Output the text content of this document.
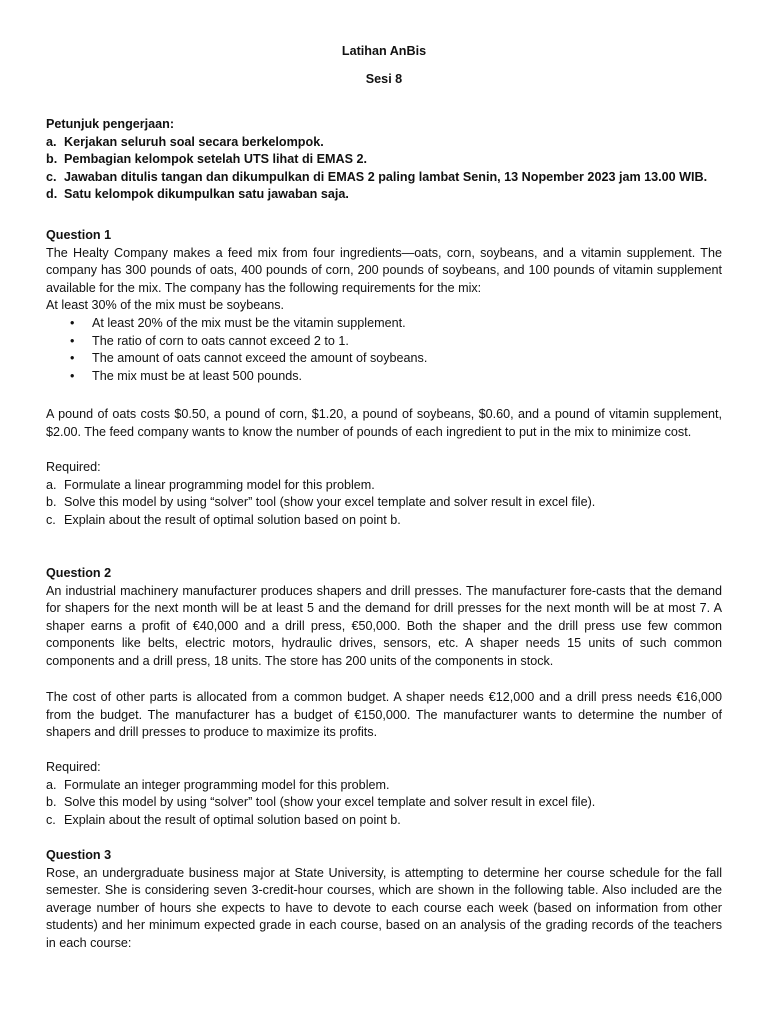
Latihan AnBis
Sesi 8

Petunjuk pengerjaan:

a. Kerjakan seluruh soal secara berkelompok.
b. Pembagian kelompok setelah UTS lihat di EMAS 2.
c. Jawaban ditulis tangan dan dikumpulkan di EMAS 2 paling lambat Senin, 13 Nopember 2023 jam 13.00 WIB.
d. Satu kelompok dikumpulkan satu jawaban saja.

Question 1

The Healty Company makes a feed mix from four ingredients—oats, corn, soybeans, and a vitamin supplement. The company has 300 pounds of oats, 400 pounds of corn, 200 pounds of soybeans, and 100 pounds of vitamin supplement available for the mix. The company has the following requirements for the mix:

At least 30% of the mix must be soybeans.

•	At least 20% of the mix must be the vitamin supplement.
•	The ratio of corn to oats cannot exceed 2 to 1.
•	The amount of oats cannot exceed the amount of soybeans.
•	The mix must be at least 500 pounds.
A pound of oats costs $0.50, a pound of corn, $1.20, a pound of soybeans, $0.60, and a pound of vitamin supplement, $2.00. The feed company wants to know the number of pounds of each ingredient to put in the mix to minimize cost.

Required:

a. Formulate a linear programming model for this problem.
b. Solve this model by using “solver” tool (show your excel template and solver result in excel file).
c. Explain about the result of optimal solution based on point b.

Question 2

An industrial machinery manufacturer produces shapers and drill presses. The manufacturer fore-casts that the demand for shapers for the next month will be at least 5 and the demand for drill presses for the next month will be at most 7. A shaper earns a profit of €40,000 and a drill press, €50,000. Both the shaper and the drill press use few common components like belts, electric motors, hydraulic drives, sensors, etc. A shaper needs 15 units of such common components and a drill press, 18 units. The store has 200 units of the components in stock.

The cost of other parts is allocated from a common budget. A shaper needs €12,000 and a drill press needs €16,000 from the budget. The manufacturer has a budget of €150,000. The manufacturer wants to determine the number of shapers and drill presses to produce to maximize its profits.

Required:

a. Formulate an integer programming model for this problem.
b. Solve this model by using “solver” tool (show your excel template and solver result in excel file).
c. Explain about the result of optimal solution based on point b.

Question 3

Rose, an undergraduate business major at State University, is attempting to determine her course schedule for the fall semester. She is considering seven 3-credit-hour courses, which are shown in the following table. Also included are the average number of hours she expects to have to devote to each course each week (based on information from other students) and her minimum expected grade in each course, based on an analysis of the grading records of the teachers in each course:
